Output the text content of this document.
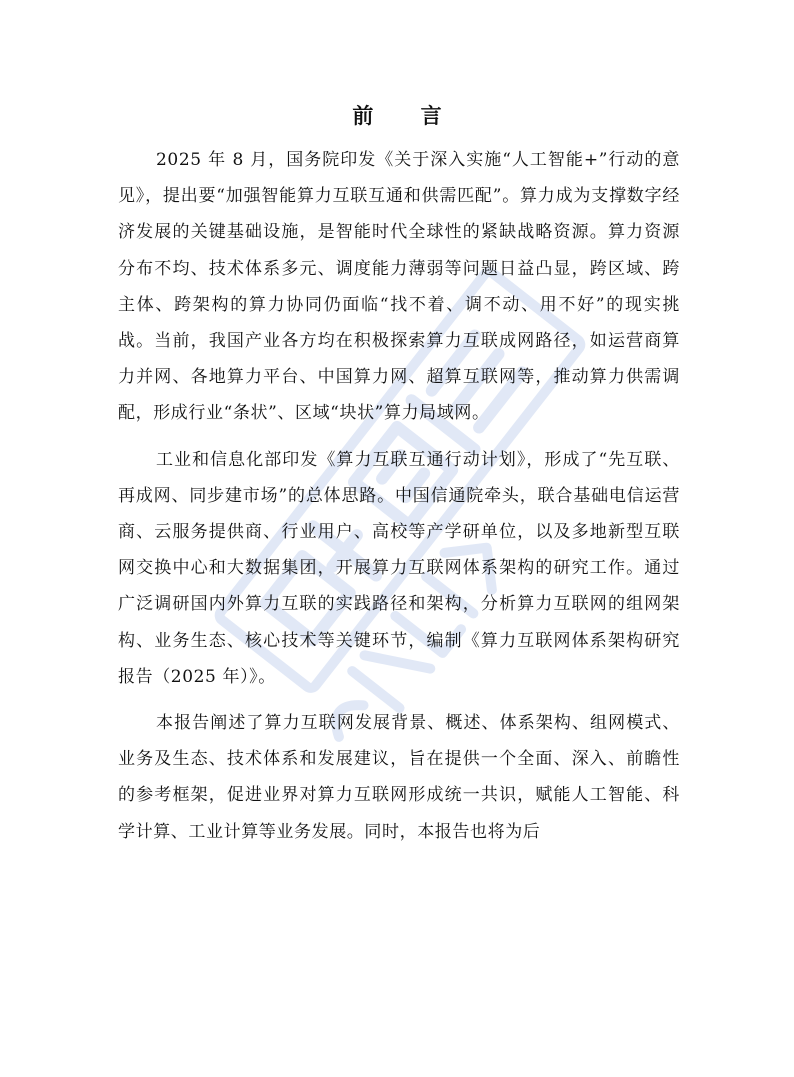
前 言

2025 年 8 月，国务院印发《关于深入实施“人工智能+”行动的意见》，提出要“加强智能算力互联互通和供需匹配”。算力成为支撑数字经济发展的关键基础设施，是智能时代全球性的紧缺战略资源。算力资源分布不均、技术体系多元、调度能力薄弱等问题日益凸显，跨区域、跨主体、跨架构的算力协同仍面临“找不着、调不动、用不好”的现实挑战。当前，我国产业各方均在积极探索算力互联成网路径，如运营商算力并网、各地算力平台、中国算力网、超算互联网等，推动算力供需调配，形成行业“条状”、区域“块状”算力局域网。

工业和信息化部印发《算力互联互通行动计划》，形成了“先互联、再成网、同步建市场”的总体思路。中国信通院牵头，联合基础电信运营商、云服务提供商、行业用户、高校等产学研单位，以及多地新型互联网交换中心和大数据集团，开展算力互联网体系架构的研究工作。通过广泛调研国内外算力互联的实践路径和架构，分析算力互联网的组网架构、业务生态、核心技术等关键环节，编制《算力互联网体系架构研究报告（2025 年）》。

本报告阐述了算力互联网发展背景、概述、体系架构、组网模式、业务及生态、技术体系和发展建议，旨在提供一个全面、深入、前瞻性的参考框架，促进业界对算力互联网形成统一共识，赋能人工智能、科学计算、工业计算等业务发展。同时，本报告也将为后
